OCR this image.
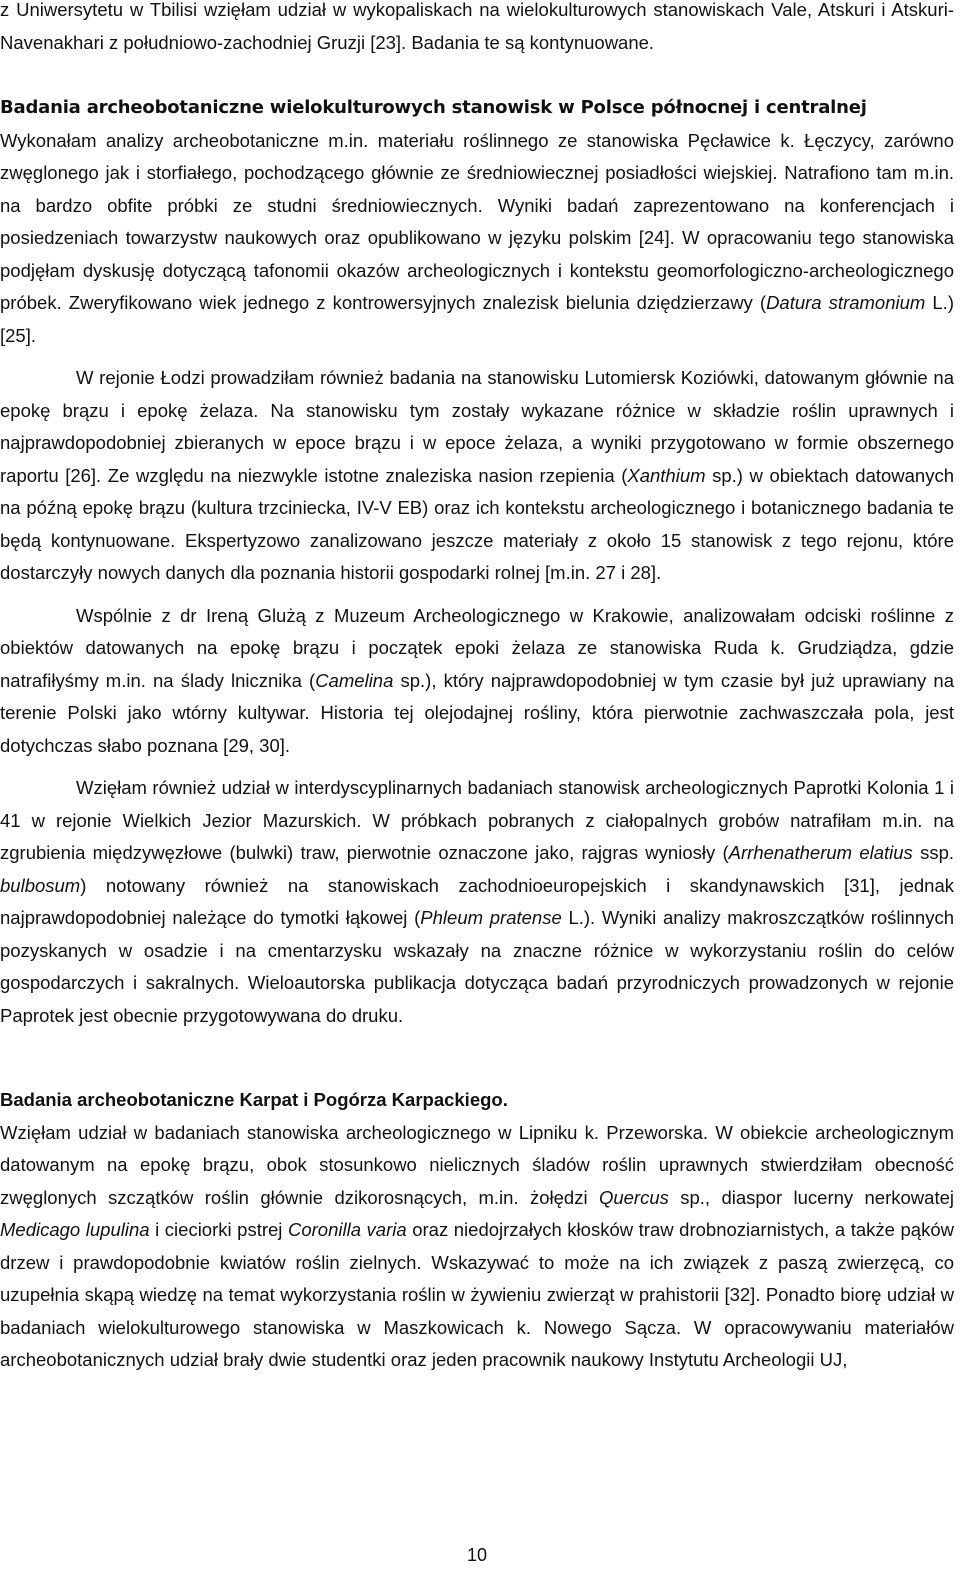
z Uniwersytetu w Tbilisi wzięłam udział w wykopaliskach na wielokulturowych stanowiskach Vale, Atskuri i Atskuri-Navenakhari z południowo-zachodniej Gruzji [23]. Badania te są kontynuowane.

Badania archeobotaniczne wielokulturowych stanowisk w Polsce północnej i centralnej

Wykonałam analizy archeobotaniczne m.in. materiału roślinnego ze stanowiska Pęcławice k. Łęczycy, zarówno zwęglonego jak i storfiałego, pochodzącego głównie ze średniowiecznej posiadłości wiejskiej. Natrafiono tam m.in. na bardzo obfite próbki ze studni średniowiecznych. Wyniki badań zaprezentowano na konferencjach i posiedzeniach towarzystw naukowych oraz opublikowano w języku polskim [24]. W opracowaniu tego stanowiska podjęłam dyskusję dotyczącą tafonomii okazów archeologicznych i kontekstu geomorfologiczno-archeologicznego próbek. Zweryfikowano wiek jednego z kontrowersyjnych znalezisk bielunia dziędzierzawy (Datura stramonium L.) [25].

W rejonie Łodzi prowadziłam również badania na stanowisku Lutomiersk Koziówki, datowanym głównie na epokę brązu i epokę żelaza. Na stanowisku tym zostały wykazane różnice w składzie roślin uprawnych i najprawdopodobniej zbieranych w epoce brązu i w epoce żelaza, a wyniki przygotowano w formie obszernego raportu [26]. Ze względu na niezwykle istotne znaleziska nasion rzepienia (Xanthium sp.) w obiektach datowanych na późną epokę brązu (kultura trzciniecka, IV-V EB) oraz ich kontekstu archeologicznego i botanicznego badania te będą kontynuowane. Ekspertyzowo zanalizowano jeszcze materiały z około 15 stanowisk z tego rejonu, które dostarczyły nowych danych dla poznania historii gospodarki rolnej [m.in. 27 i 28].

Wspólnie z dr Ireną Glużą z Muzeum Archeologicznego w Krakowie, analizowałam odciski roślinne z obiektów datowanych na epokę brązu i początek epoki żelaza ze stanowiska Ruda k. Grudziądza, gdzie natrafiłyśmy m.in. na ślady lnicznika (Camelina sp.), który najprawdopodobniej w tym czasie był już uprawiany na terenie Polski jako wtórny kultywar. Historia tej olejodajnej rośliny, która pierwotnie zachwaszczała pola, jest dotychczas słabo poznana [29, 30].

Wzięłam również udział w interdyscyplinarnych badaniach stanowisk archeologicznych Paprotki Kolonia 1 i 41 w rejonie Wielkich Jezior Mazurskich. W próbkach pobranych z ciałopalnych grobów natrafiłam m.in. na zgrubienia międzywęzłowe (bulwki) traw, pierwotnie oznaczone jako, rajgras wyniosły (Arrhenatherum elatius ssp. bulbosum) notowany również na stanowiskach zachodnioeuropejskich i skandynawskich [31], jednak najprawdopodobniej należące do tymotki łąkowej (Phleum pratense L.). Wyniki analizy makroszczątków roślinnych pozyskanych w osadzie i na cmentarzysku wskazały na znaczne różnice w wykorzystaniu roślin do celów gospodarczych i sakralnych. Wieloautorska publikacja dotycząca badań przyrodniczych prowadzonych w rejonie Paprotek jest obecnie przygotowywana do druku.

Badania archeobotaniczne Karpat i Pogórza Karpackiego.

Wzięłam udział w badaniach stanowiska archeologicznego w Lipniku k. Przeworska. W obiekcie archeologicznym datowanym na epokę brązu, obok stosunkowo nielicznych śladów roślin uprawnych stwierdziłam obecność zwęglonych szczątków roślin głównie dzikorosnących, m.in. żołędzi Quercus sp., diaspor lucerny nerkowatej Medicago lupulina i cieciorki pstrej Coronilla varia oraz niedojrzałych kłosków traw drobnoziarnistych, a także pąków drzew i prawdopodobnie kwiatów roślin zielnych. Wskazywać to może na ich związek z paszą zwierzęcą, co uzupełnia skąpą wiedzę na temat wykorzystania roślin w żywieniu zwierząt w prahistorii [32]. Ponadto biorę udział w badaniach wielokulturowego stanowiska w Maszkowicach k. Nowego Sącza. W opracowywaniu materiałów archeobotanicznych udział brały dwie studentki oraz jeden pracownik naukowy Instytutu Archeologii UJ,

10
